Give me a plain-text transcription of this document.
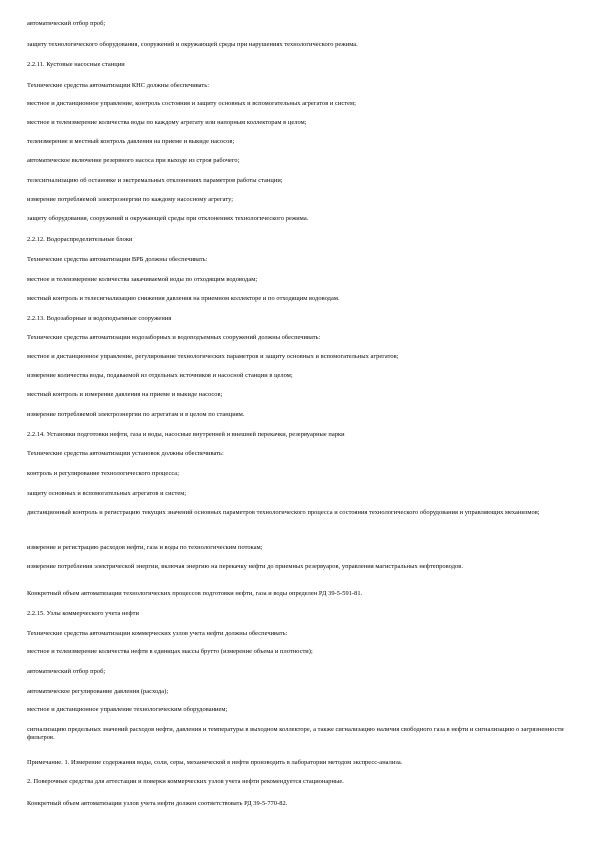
автоматический отбор проб;
защиту технологического оборудования, сооружений и окружающей среды при нарушениях технологического режима.
2.2.11. Кустовые насосные станции
Технические средства автоматизации КНС должны обеспечивать:
местное и дистанционное управление, контроль состояния и защиту основных и вспомогательных агрегатов и систем;
местное и телеизмерение количества воды по каждому агрегату или напорным коллекторам в целом;
телеизмерение и местный контроль давления на приеме и выкиде насосов;
автоматическое включение резервного насоса при выходе из строя рабочего;
телесигнализацию об остановке и экстремальных отклонениях параметров работы станции;
измерение потребляемой электроэнергии по каждому насосному агрегату;
защиту оборудования, сооружений и окружающей среды при отклонениях технологического режима.
2.2.12. Водораспределительные блоки
Технические средства автоматизации ВРБ должны обеспечивать:
местное и телеизмерение количества закачиваемой воды по отходящим водоводам;
местный контроль и телесигнализацию снижения давления на приемном коллекторе и по отходящим водоводам.
2.2.13. Водозаборные и водоподъемные сооружения
Технические средства автоматизации водозаборных и водоподъемных сооружений должны обеспечивать:
местное и дистанционное управление, регулирование технологических параметров и защиту основных и вспомогательных агрегатов;
измерение количества воды, подаваемой из отдельных источников и насосной станции в целом;
местный контроль и измерение давления на приеме и выкиде насосов;
измерение потребляемой электроэнергии по агрегатам и в целом по станциям.
2.2.14. Установки подготовки нефти, газа и воды, насосные внутренней и внешней перекачки, резервуарные парки
Технические средства автоматизации установок должны обеспечивать:
контроль и регулирование технологического процесса;
защиту основных и вспомогательных агрегатов и систем;
дистанционный контроль и регистрацию текущих значений основных параметров технологического процесса и состояния технологического оборудования и управляющих механизмов;
измерение и регистрацию расходов нефти, газа и воды по технологическим потокам;
измерение потребления электрической энергии, включая энергию на перекачку нефти до приемных резервуаров, управления магистральных нефтепроводов.
Конкретный объем автоматизации технологических процессов подготовки нефти, газа и воды определен РД 39-5-591-81.
2.2.15. Узлы коммерческого учета нефти
Технические средства автоматизации коммерческих узлов учета нефти должны обеспечивать:
местное и телеизмерение количества нефти в единицах массы брутто (измерение объема и плотности);
автоматический отбор проб;
автоматическое регулирование давления (расхода);
местное и дистанционное управление технологическим оборудованием;
сигнализацию предельных значений расходов нефти, давления и температуры в выходном коллекторе, а также сигнализацию наличия свободного газа в нефти и сигнализацию о загрязненности фильтров.
Примечание. 1. Измерение содержания воды, соли, серы, механической в нефти производить в лаборатории методом экспресс-анализа.
2. Поверочные средства для аттестации и поверки коммерческих узлов учета нефти рекомендуется стационарные.
Конкретный объем автоматизации узлов учета нефти должен соответствовать РД 39-5-770-82.
